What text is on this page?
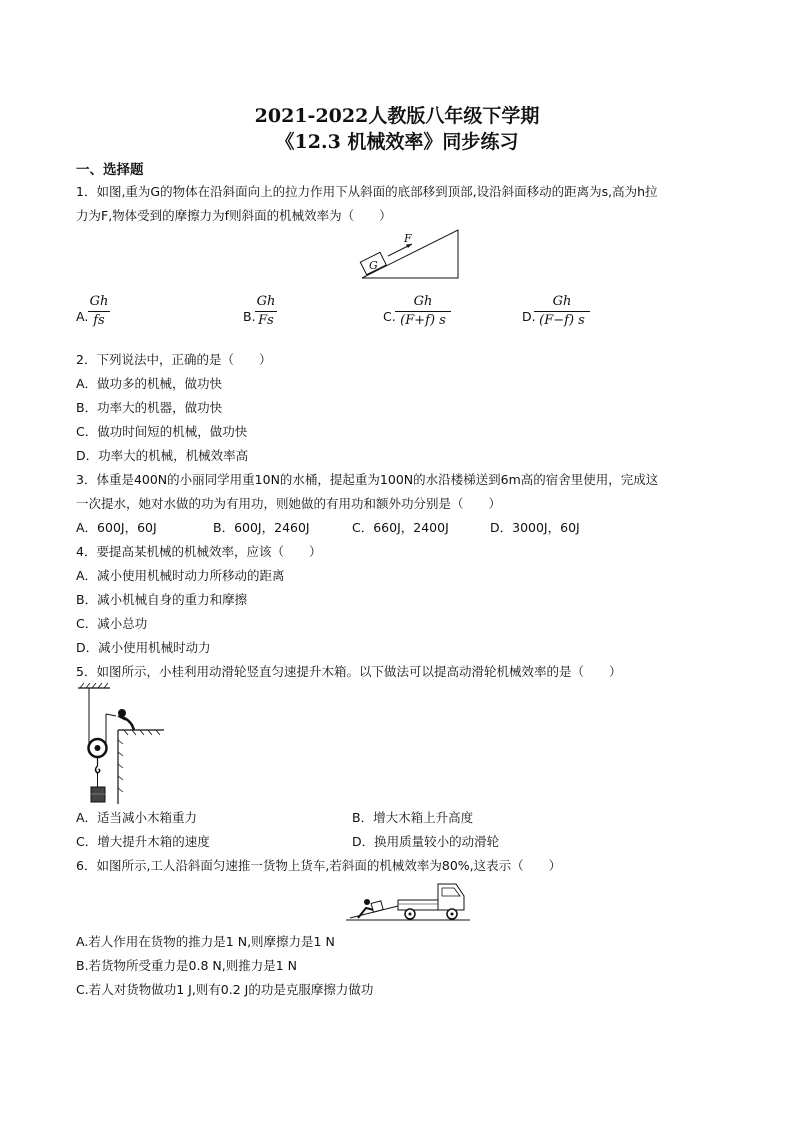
2021-2022人教版八年级下学期
《12.3 机械效率》同步练习
一、选择题
1．如图,重为G的物体在沿斜面向上的拉力作用下从斜面的底部移到顶部,设沿斜面移动的距离为s,高为h拉
力为F,物体受到的摩擦力为f则斜面的机械效率为（　　）
F
G
A.
Gh
fs	B.
Gh
Fs	C.
Gh
(F+f) s	D.
Gh
(F−f) s
2．下列说法中，正确的是（　　）
A．做功多的机械，做功快
B．功率大的机器，做功快
C．做功时间短的机械，做功快
D．功率大的机械，机械效率高
3．体重是400N的小丽同学用重10N的水桶，提起重为100N的水沿楼梯送到6m高的宿舍里使用，完成这
一次提水，她对水做的功为有用功，则她做的有用功和额外功分别是（　　）
A．600J，60J	B．600J，2460J	C．660J，2400J	D．3000J，60J
4．要提高某机械的机械效率，应该（　　）
A．减小使用机械时动力所移动的距离
B．减小机械自身的重力和摩擦
C．减小总功
D．减小使用机械时动力
5．如图所示，小桂利用动滑轮竖直匀速提升木箱。以下做法可以提高动滑轮机械效率的是（　　）
A．适当减小木箱重力	B．增大木箱上升高度
C．增大提升木箱的速度	D．换用质量较小的动滑轮
6．如图所示,工人沿斜面匀速推一货物上货车,若斜面的机械效率为80%,这表示（　　）
A.若人作用在货物的推力是1 N,则摩擦力是1 N
B.若货物所受重力是0.8 N,则推力是1 N
C.若人对货物做功1 J,则有0.2 J的功是克服摩擦力做功
